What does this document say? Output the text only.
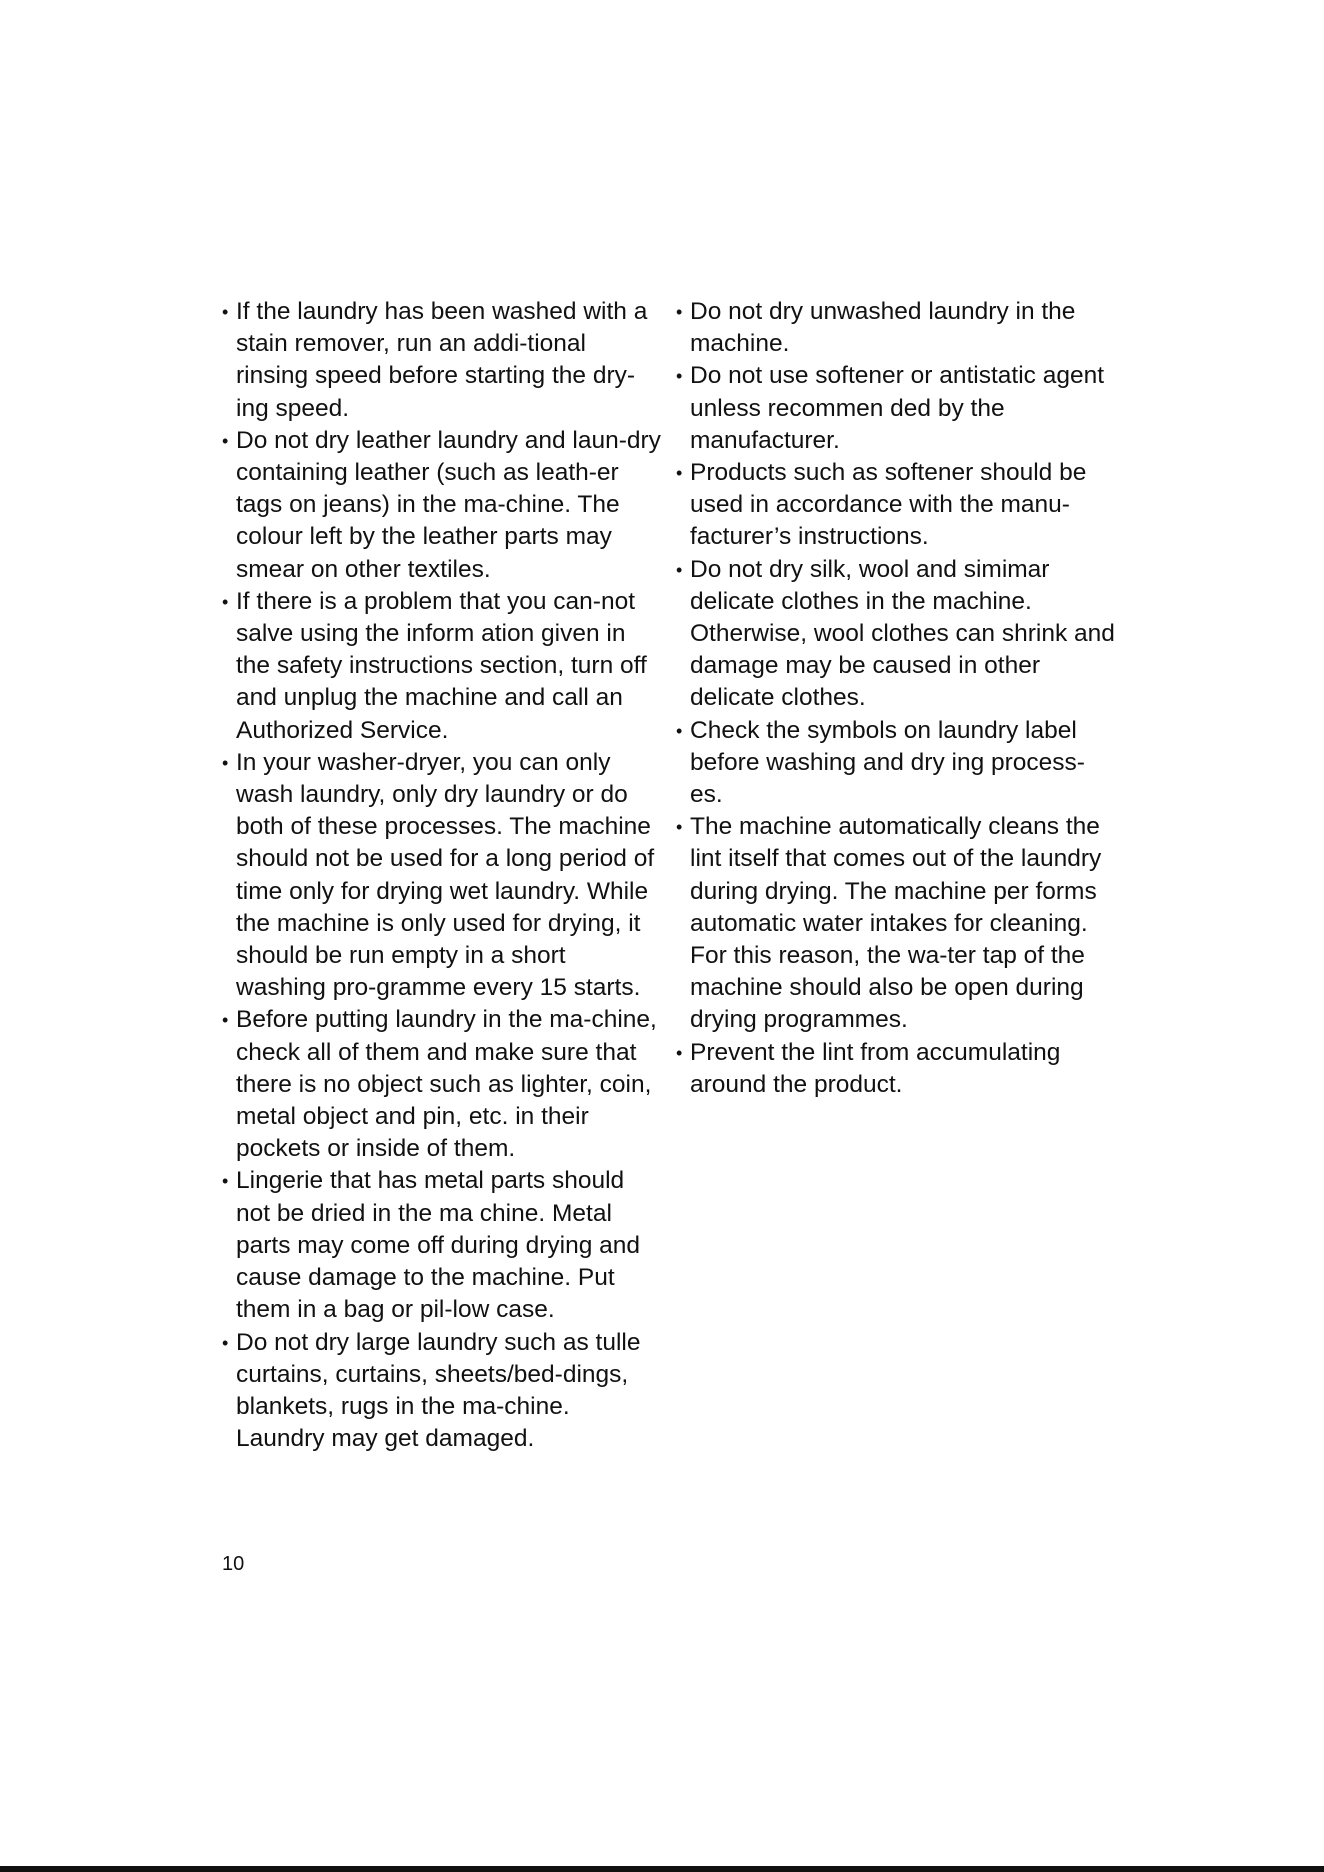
• If the laundry has been washed with a stain remover, run an addi-tional rinsing speed before starting the dry-ing speed.
• Do not dry leather laundry and laun-dry containing leather (such as leath-er tags on jeans) in the ma-chine. The colour left by the leather parts may smear on other textiles.
• If there is a problem that you can-not salve using the inform ation given in the safety instructions section, turn off and unplug the machine and call an Authorized Service.
• In your washer-dryer, you can only wash laundry, only dry laundry or do both of these processes. The machine should not be used for a long period of time only for drying wet laundry. While the machine is only used for drying, it should be run empty in a short washing pro-gramme every 15 starts.
• Before putting laundry in the ma-chine, check all of them and make sure that there is no object such as lighter, coin, metal object and pin, etc. in their pockets or inside of them.
• Lingerie that has metal parts should not be dried in the ma chine. Metal parts may come off during drying and cause damage to the machine. Put them in a bag or pil-low case.
• Do not dry large laundry such as tulle curtains, curtains, sheets/bed-dings, blankets, rugs in the ma-chine. Laundry may get damaged.
• Do not dry unwashed laundry in the machine.
• Do not use softener or antistatic agent unless recommen ded by the manufacturer.
• Products such as softener should be used in accordance with the manu-facturer’s instructions.
• Do not dry silk, wool and simimar delicate clothes in the machine. Otherwise, wool clothes can shrink and damage may be caused in other delicate clothes.
• Check the symbols on laundry label before washing and dry ing process-es.
• The machine automatically cleans the lint itself that comes out of the laundry during drying. The machine per forms automatic water intakes for cleaning. For this reason, the wa-ter tap of the machine should also be open during drying programmes.
• Prevent the lint from accumulating around the product.
10
